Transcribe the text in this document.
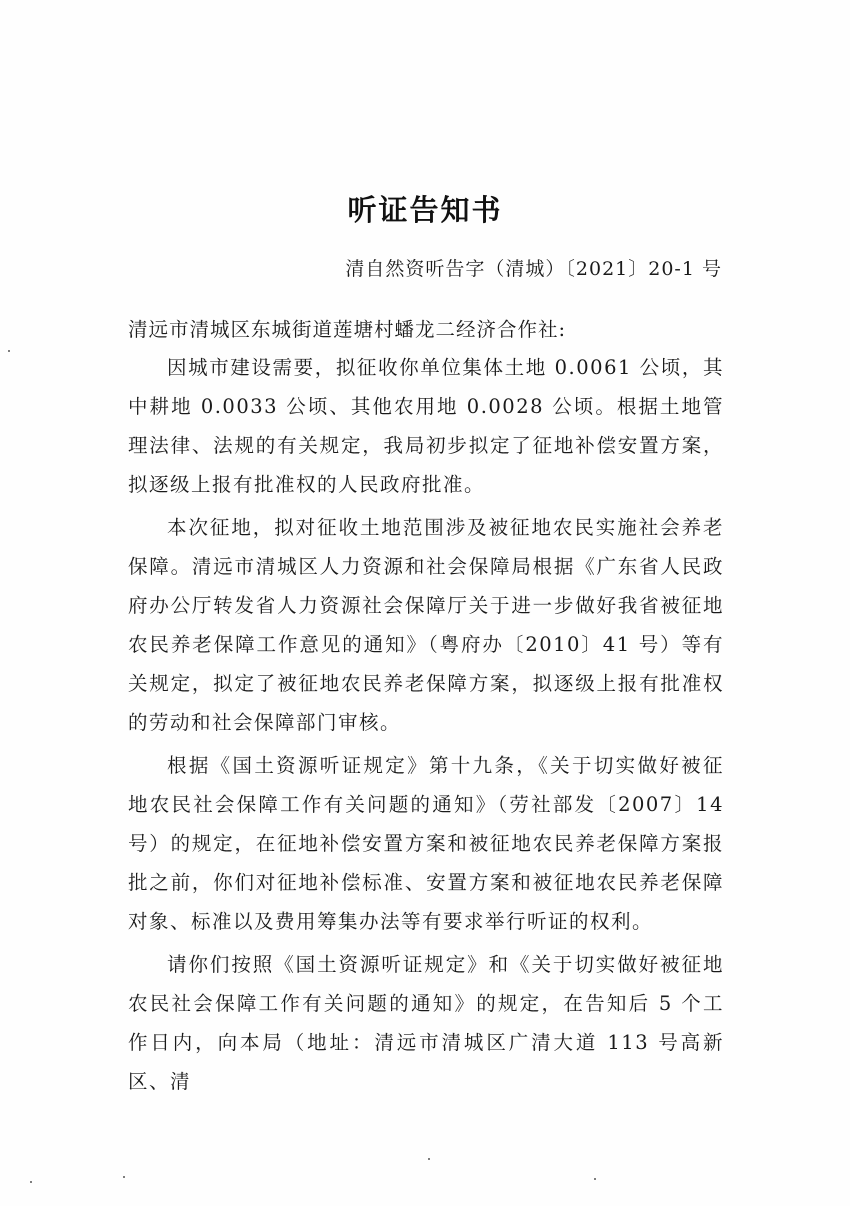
听证告知书
清自然资听告字（清城）〔2021〕20-1 号
清远市清城区东城街道莲塘村蟠龙二经济合作社:

因城市建设需要，拟征收你单位集体土地 0.0061 公顷，其中耕地 0.0033 公顷、其他农用地 0.0028 公顷。根据土地管理法律、法规的有关规定，我局初步拟定了征地补偿安置方案，拟逐级上报有批准权的人民政府批准。

本次征地，拟对征收土地范围涉及被征地农民实施社会养老保障。清远市清城区人力资源和社会保障局根据《广东省人民政府办公厅转发省人力资源社会保障厅关于进一步做好我省被征地农民养老保障工作意见的通知》（粤府办〔2010〕41 号）等有关规定，拟定了被征地农民养老保障方案，拟逐级上报有批准权的劳动和社会保障部门审核。

根据《国土资源听证规定》第十九条，《关于切实做好被征地农民社会保障工作有关问题的通知》（劳社部发〔2007〕14 号）的规定，在征地补偿安置方案和被征地农民养老保障方案报批之前，你们对征地补偿标准、安置方案和被征地农民养老保障对象、标准以及费用筹集办法等有要求举行听证的权利。

请你们按照《国土资源听证规定》和《关于切实做好被征地农民社会保障工作有关问题的通知》的规定，在告知后 5 个工作日内，向本局（地址：清远市清城区广清大道 113 号高新区、清
